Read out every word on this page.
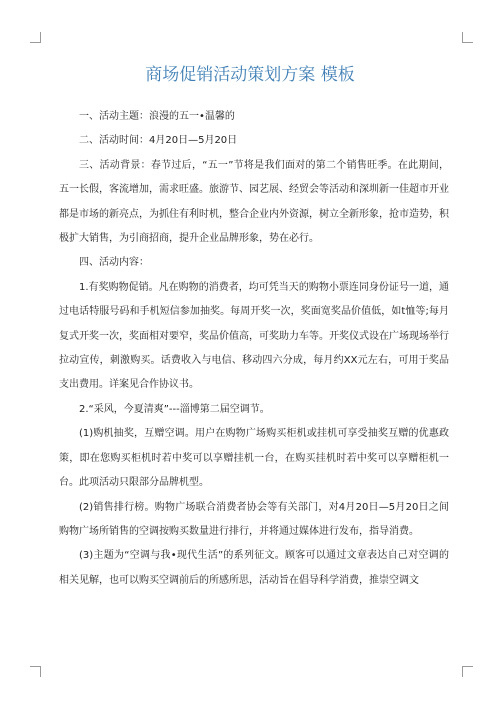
商场促销活动策划方案 模板

一、活动主题：浪漫的五一•温馨的

二、活动时间：4月20日—5月20日

三、活动背景：春节过后，“五一”节将是我们面对的第二个销售旺季。在此期间，五一长假，客流增加，需求旺盛。旅游节、园艺展、经贸会等活动和深圳新一佳超市开业都是市场的新亮点，为抓住有利时机，整合企业内外资源，树立全新形象，抢市造势，积极扩大销售，为引商招商，提升企业品牌形象，势在必行。

四、活动内容：

1.有奖购物促销。凡在购物的消费者，均可凭当天的购物小票连同身份证号一道，通过电话特服号码和手机短信参加抽奖。每周开奖一次，奖面宽奖品价值低，如t恤等;每月复式开奖一次，奖面相对要窄，奖品价值高，可奖助力车等。开奖仪式设在广场现场举行拉动宣传，刺激购买。话费收入与电信、移动四六分成，每月约XX元左右，可用于奖品支出费用。详案见合作协议书。

2.“采风，今夏清爽”---淄博第二届空调节。

(1)购机抽奖，互赠空调。用户在购物广场购买柜机或挂机可享受抽奖互赠的优惠政策，即在您购买柜机时若中奖可以享赠挂机一台，在购买挂机时若中奖可以享赠柜机一台。此项活动只限部分品牌机型。

(2)销售排行榜。购物广场联合消费者协会等有关部门，对4月20日—5月20日之间购物广场所销售的空调按购买数量进行排行，并将通过媒体进行发布，指导消费。

(3)主题为“空调与我•现代生活”的系列征文。顾客可以通过文章表达自己对空调的相关见解，也可以购买空调前后的所感所思，活动旨在倡导科学消费，推崇空调文
